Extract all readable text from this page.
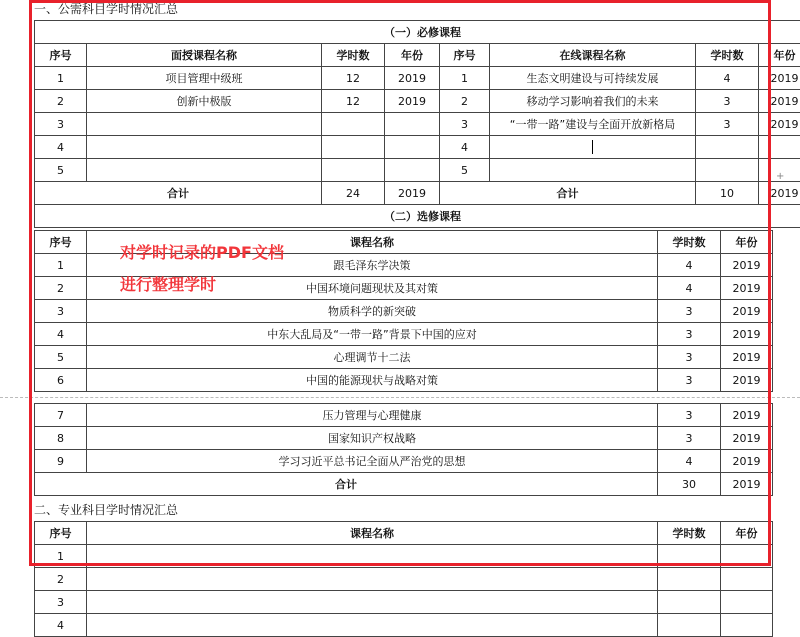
一、公需科目学时情况汇总
（一）必修课程							
序号	面授课程名称	学时数	年份	序号	在线课程名称	学时数	年份
1	项目管理中级班	12	2019	1	生态文明建设与可持续发展	4	2019
2	创新中极版	12	2019	2	移动学习影响着我们的未来	3	2019
3				3	“一带一路”建设与全面开放新格局	3	2019
4				4			
5				5			
合计		24	2019	合计		10	2019
（二）选修课程							
序号	课程名称	学时数	年份
1	跟毛泽东学决策	4	2019
2	中国环境问题现状及其对策	4	2019
3	物质科学的新突破	3	2019
4	中东大乱局及“一带一路”背景下中国的应对	3	2019
5	心理调节十二法	3	2019
6	中国的能源现状与战略对策	3	2019
7	压力管理与心理健康	3	2019
8	国家知识产权战略	3	2019
9	学习习近平总书记全面从严治党的思想	4	2019
合计		30	2019
二、专业科目学时情况汇总
序号	课程名称	学时数	年份
1			
2			
3			
4			
+
对学时记录的PDF文档
进行整理学时
